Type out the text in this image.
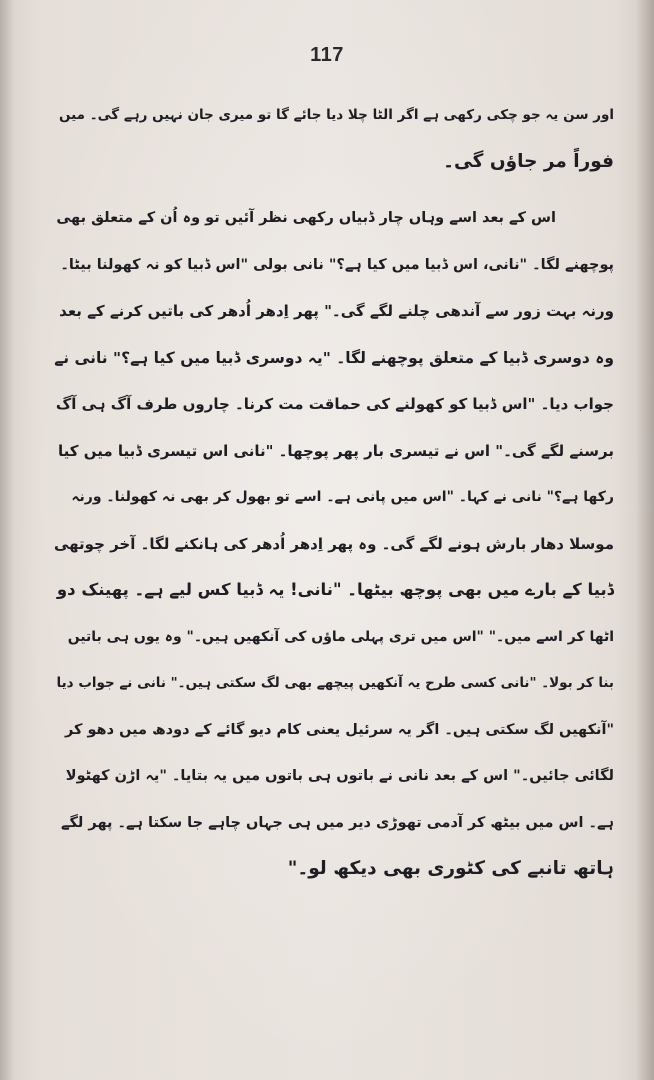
117
اور سن یہ جو چکی رکھی ہے اگر الٹا چلا دیا جائے گا تو میری جان نہیں رہے گی۔ میں
فوراً مر جاؤں گی۔
اس کے بعد اسے وہاں چار ڈبیاں رکھی نظر آئیں تو وہ اُن کے متعلق بھی
پوچھنے لگا۔ "نانی، اس ڈبیا میں کیا ہے؟" نانی بولی "اس ڈبیا کو نہ کھولنا بیٹا۔
ورنہ بہت زور سے آندھی چلنے لگے گی۔" پھر اِدھر اُدھر کی باتیں کرنے کے بعد
وہ دوسری ڈبیا کے متعلق پوچھنے لگا۔ "یہ دوسری ڈبیا میں کیا ہے؟" نانی نے
جواب دیا۔ "اس ڈبیا کو کھولنے کی حماقت مت کرنا۔ چاروں طرف آگ ہی آگ
برسنے لگے گی۔" اس نے تیسری بار پھر پوچھا۔ "نانی اس تیسری ڈبیا میں کیا
رکھا ہے؟" نانی نے کہا۔ "اس میں پانی ہے۔ اسے تو بھول کر بھی نہ کھولنا۔ ورنہ
موسلا دھار بارش ہونے لگے گی۔ وہ پھر اِدھر اُدھر کی ہانکنے لگا۔ آخر چوتھی
ڈبیا کے بارے میں بھی پوچھ بیٹھا۔ "نانی! یہ ڈبیا کس لیے ہے۔ پھینک دو
اٹھا کر اسے میں۔" "اس میں تری پہلی ماؤں کی آنکھیں ہیں۔" وہ یوں ہی باتیں
بنا کر بولا۔ "نانی کسی طرح یہ آنکھیں پیچھے بھی لگ سکتی ہیں۔" نانی نے جواب دیا
"آنکھیں لگ سکتی ہیں۔ اگر یہ سرئیل یعنی کام دیو گائے کے دودھ میں دھو کر
لگائی جائیں۔" اس کے بعد نانی نے باتوں ہی باتوں میں یہ بتایا۔ "یہ اڑن کھٹولا
ہے۔ اس میں بیٹھ کر آدمی تھوڑی دیر میں ہی جہاں چاہے جا سکتا ہے۔ پھر لگے
ہاتھ تانبے کی کٹوری بھی دیکھ لو۔"
